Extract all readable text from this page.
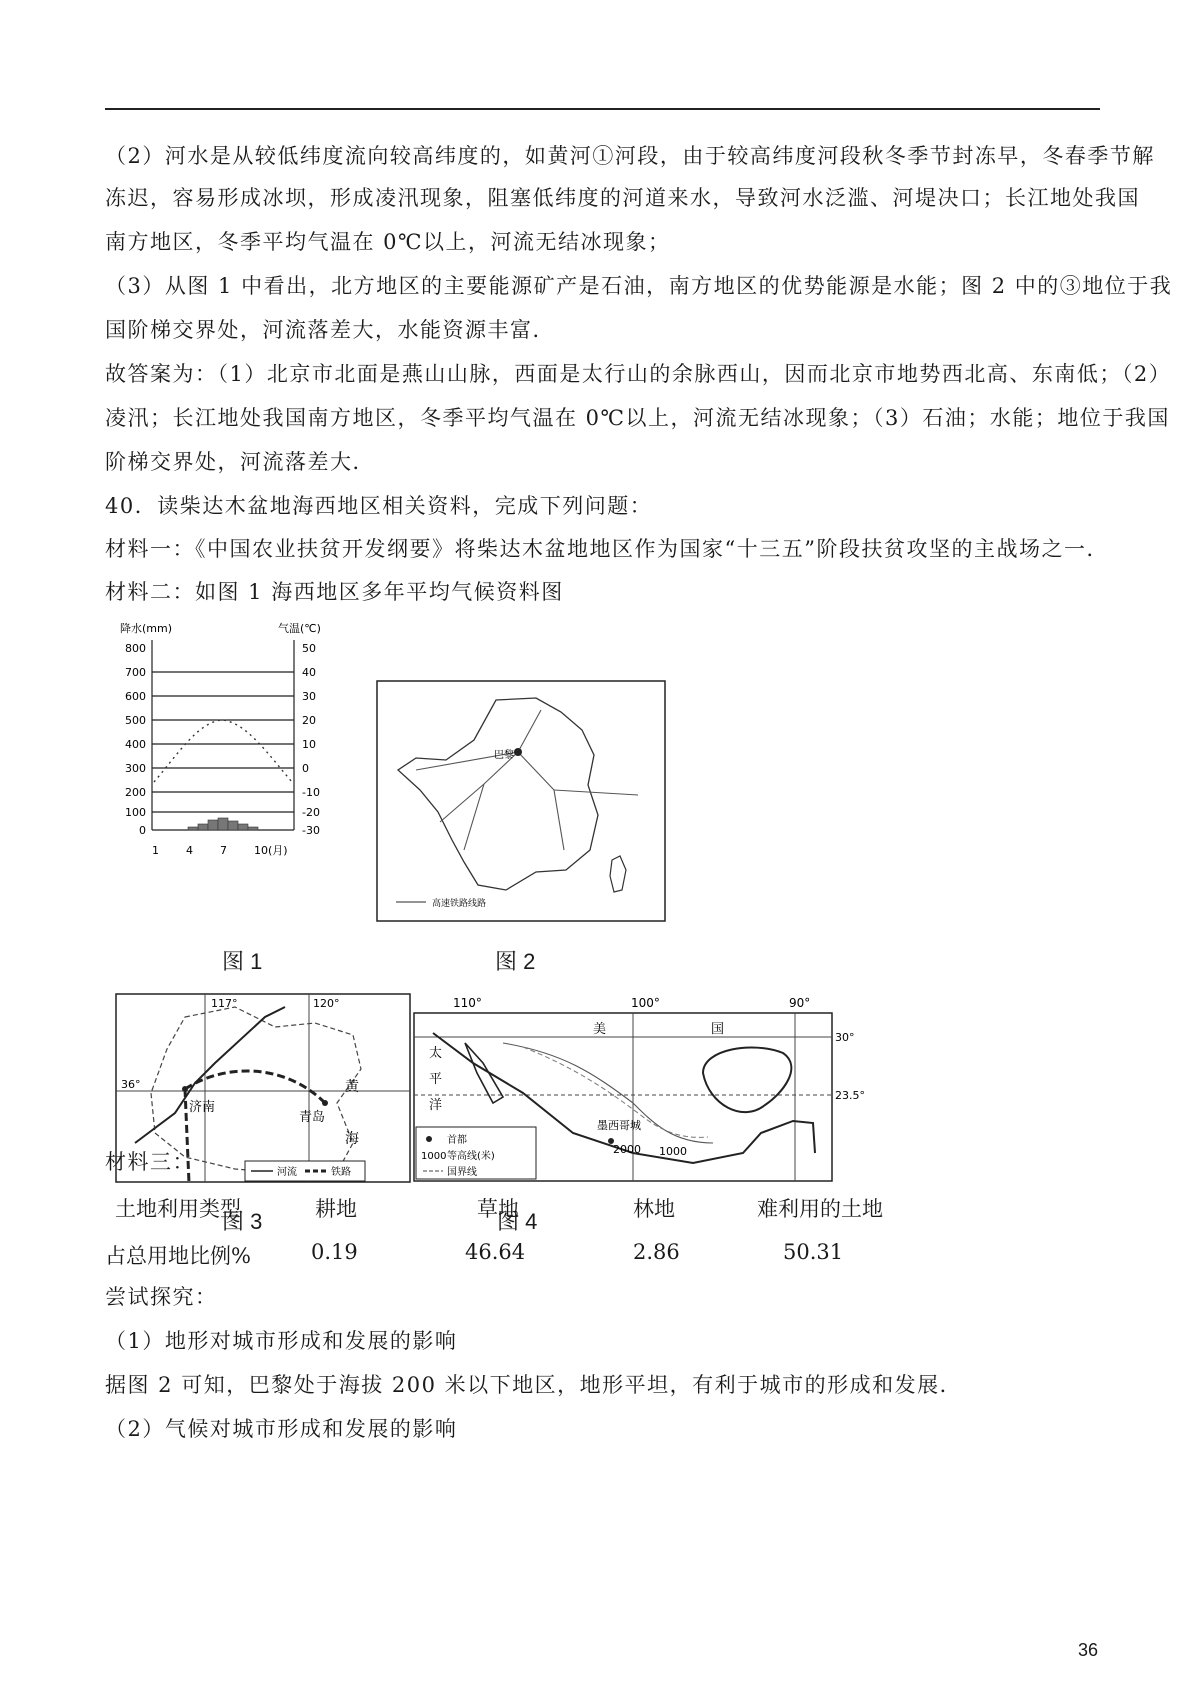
（2）河水是从较低纬度流向较高纬度的，如黄河①河段，由于较高纬度河段秋冬季节封冻早，冬春季节解
冻迟，容易形成冰坝，形成凌汛现象，阻塞低纬度的河道来水，导致河水泛滥、河堤决口；长江地处我国
南方地区，冬季平均气温在 0℃以上，河流无结冰现象；
（3）从图 1 中看出，北方地区的主要能源矿产是石油，南方地区的优势能源是水能；图 2 中的③地位于我
国阶梯交界处，河流落差大，水能资源丰富．
故答案为：（1）北京市北面是燕山山脉，西面是太行山的余脉西山，因而北京市地势西北高、东南低；（2）
凌汛；长江地处我国南方地区，冬季平均气温在 0℃以上，河流无结冰现象；（3）石油；水能；地位于我国
阶梯交界处，河流落差大．
40．读柴达木盆地海西地区相关资料，完成下列问题：
材料一：《中国农业扶贫开发纲要》将柴达木盆地地区作为国家“十三五”阶段扶贫攻坚的主战场之一．
材料二：如图 1 海西地区多年平均气候资料图
降水(mm)	气温(℃)
800
700
600
500
400
300
200
100
0
50
40
30
20
10
0
-10
-20
-30
1 4 7 10(月)
图 1
巴黎
高速铁路线路
图 2
117°	120°
36°
济南
青岛
黄
海
河流	铁路
图 3
110°	100°	90°
30°
23.5°
美	国
太
平
洋
墨西哥城
2000 1000
首都
1000 等高线(米)
国界线
图 4
材料三：
土地利用类型	耕地	草地	林地	难利用的土地
占总用地比例%	0.19	46.64	2.86	50.31
尝试探究：
（1）地形对城市形成和发展的影响
据图 2 可知，巴黎处于海拔 200 米以下地区，地形平坦，有利于城市的形成和发展．
（2）气候对城市形成和发展的影响
36
